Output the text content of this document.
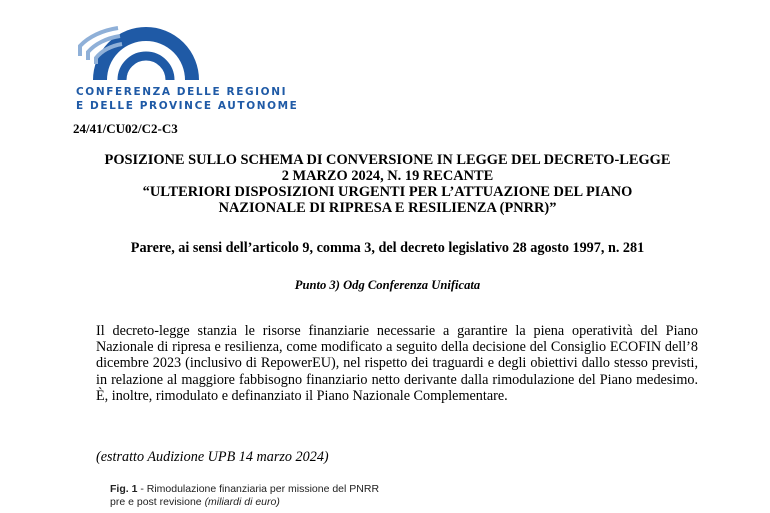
CONFERENZA DELLE REGIONI
E DELLE PROVINCE AUTONOME
24/41/CU02/C2-C3
POSIZIONE SULLO SCHEMA DI CONVERSIONE IN LEGGE DEL DECRETO-LEGGE
2 MARZO 2024, N. 19 RECANTE
“ULTERIORI DISPOSIZIONI URGENTI PER L’ATTUAZIONE DEL PIANO
NAZIONALE DI RIPRESA E RESILIENZA (PNRR)”
Parere, ai sensi dell’articolo 9, comma 3, del decreto legislativo 28 agosto 1997, n. 281
Punto 3) Odg Conferenza Unificata
Il decreto-legge stanzia le risorse finanziarie necessarie a garantire la piena operatività del Piano Nazionale di ripresa e resilienza, come modificato a seguito della decisione del Consiglio ECOFIN dell’8 dicembre 2023 (inclusivo di RepowerEU), nel rispetto dei traguardi e degli obiettivi dallo stesso previsti, in relazione al maggiore fabbisogno finanziario netto derivante dalla rimodulazione del Piano medesimo. È, inoltre, rimodulato e definanziato il Piano Nazionale Complementare.
(estratto Audizione UPB 14 marzo 2024)
Fig. 1 - Rimodulazione finanziaria per missione del PNRR
pre e post revisione (miliardi di euro)
